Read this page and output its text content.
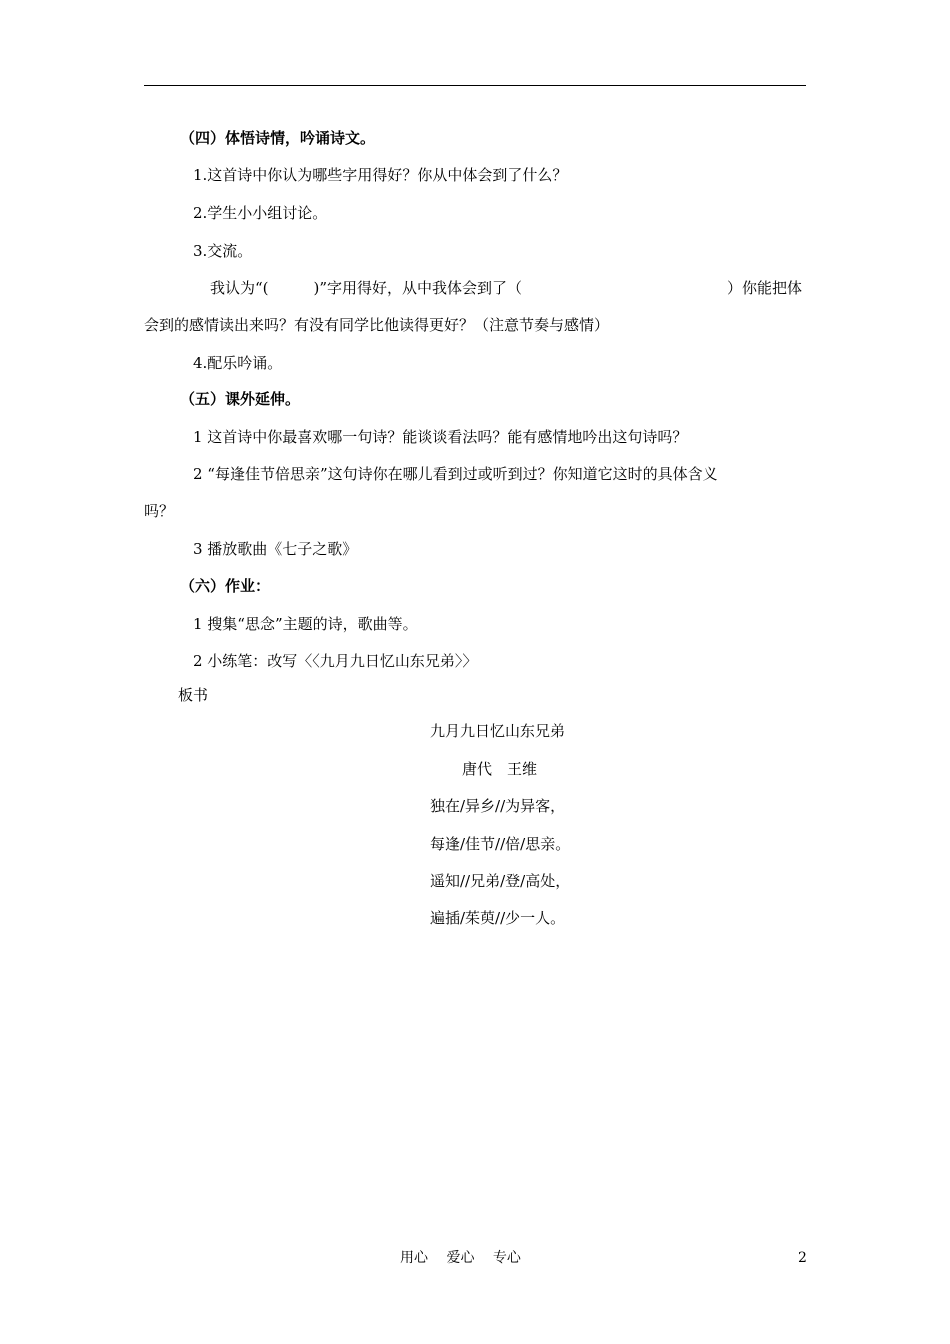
（四）体悟诗情，吟诵诗文。
1.这首诗中你认为哪些字用得好？你从中体会到了什么？
2.学生小小组讨论。
3.交流。
我认为“(　　　)”字用得好，从中我体会到了（	）你能把体
会到的感情读出来吗？有没有同学比他读得更好？（注意节奏与感情）
4.配乐吟诵。
（五）课外延伸。
1 这首诗中你最喜欢哪一句诗？能谈谈看法吗？能有感情地吟出这句诗吗？
2 “每逢佳节倍思亲”这句诗你在哪儿看到过或听到过？你知道它这时的具体含义
吗？
3 播放歌曲《七子之歌》
（六）作业：
1 搜集“思念”主题的诗，歌曲等。
2 小练笔：改写〈〈九月九日忆山东兄弟〉〉
板书
九月九日忆山东兄弟
唐代　王维
独在/异乡//为异客，
每逢/佳节//倍/思亲。
遥知//兄弟/登/高处，
遍插/茱萸//少一人。
用心　 爱心　 专心	2
